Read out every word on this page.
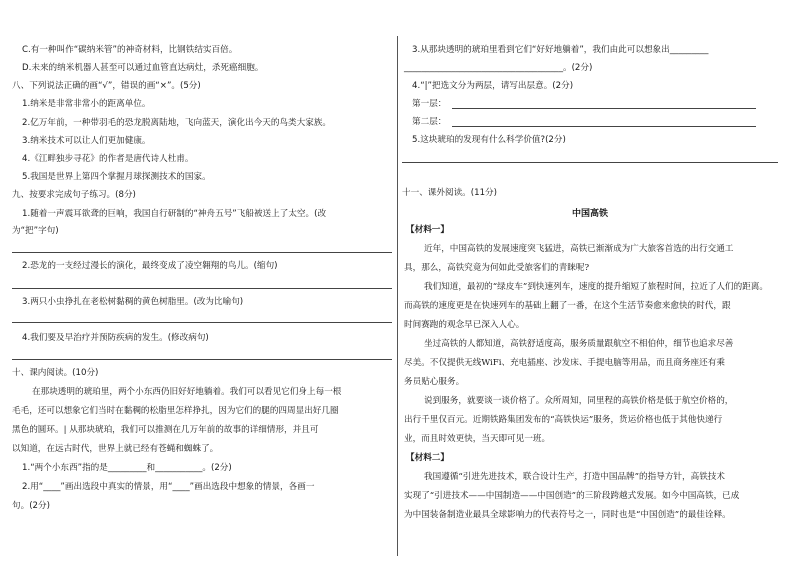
C.有一种叫作“碳纳米管”的神奇材料，比钢铁结实百倍。
D.未来的纳米机器人甚至可以通过血管直达病灶，杀死癌细胞。
八、下列说法正确的画“√”，错误的画“×”。(5分)
1.纳米是非常非常小的距离单位。
2.亿万年前，一种带羽毛的恐龙脱离陆地，飞向蓝天，演化出今天的鸟类大家族。
3.纳米技术可以让人们更加健康。
4.《江畔独步寻花》的作者是唐代诗人杜甫。
5.我国是世界上第四个掌握月球探测技术的国家。
九、按要求完成句子练习。(8分)
1.随着一声震耳欲聋的巨响，我国自行研制的“神舟五号”飞船被送上了太空。(改
为“把”字句)
2.恐龙的一支经过漫长的演化，最终变成了凌空翱翔的鸟儿。(缩句)
3.两只小虫挣扎在老松树黏稠的黄色树脂里。(改为比喻句)
4.我们要及早治疗并预防疾病的发生。(修改病句)
十、课内阅读。(10分)
在那块透明的琥珀里，两个小东西仍旧好好地躺着。我们可以看见它们身上每一根
毛毛，还可以想象它们当时在黏稠的松脂里怎样挣扎，因为它们的腿的四周显出好几圈
黑色的圆环。| 从那块琥珀，我们可以推测在几万年前的故事的详细情形，并且可
以知道，在远古时代，世界上就已经有苍蝇和蜘蛛了。
1.“两个小东西”指的是_________和___________。(2分)
2.用“____”画出选段中真实的情景，用“____”画出选段中想象的情景，各画一
句。(2分)
3.从那块透明的琥珀里看到它们“好好地躺着”，我们由此可以想象出_________
_____________________________________。(2分)
4.“|”把选文分为两层，请写出层意。(2分)
第一层：
第二层：
5.这块琥珀的发现有什么科学价值?(2分)
十一、课外阅读。(11分)
中国高铁
【材料一】
近年，中国高铁的发展速度突飞猛进，高铁已渐渐成为广大旅客首选的出行交通工
具，那么，高铁究竟为何如此受旅客们的青睐呢?
我们知道，最初的“绿皮车”到快速列车，速度的提升缩短了旅程时间，拉近了人们的距离。
而高铁的速度更是在快速列车的基础上翻了一番，在这个生活节奏愈来愈快的时代，跟
时间赛跑的观念早已深入人心。
坐过高铁的人都知道，高铁舒适度高，服务质量跟航空不相伯仲，细节也追求尽善
尽美。不仅提供无线WiFi、充电插座、沙发床、手提电脑等用品，而且商务座还有乘
务员贴心服务。
说到服务，就要谈一谈价格了。众所周知，同里程的高铁价格是低于航空价格的，
出行千里仅百元。近期铁路集团发布的“高铁快运”服务，货运价格也低于其他快递行
业，而且时效更快，当天即可见一班。
【材料二】
我国遵循“引进先进技术，联合设计生产，打造中国品牌”的指导方针，高铁技术
实现了“引进技术——中国制造——中国创造”的三阶段跨越式发展。如今中国高铁，已成
为中国装备制造业最具全球影响力的代表符号之一，同时也是“中国创造”的最佳诠释。
